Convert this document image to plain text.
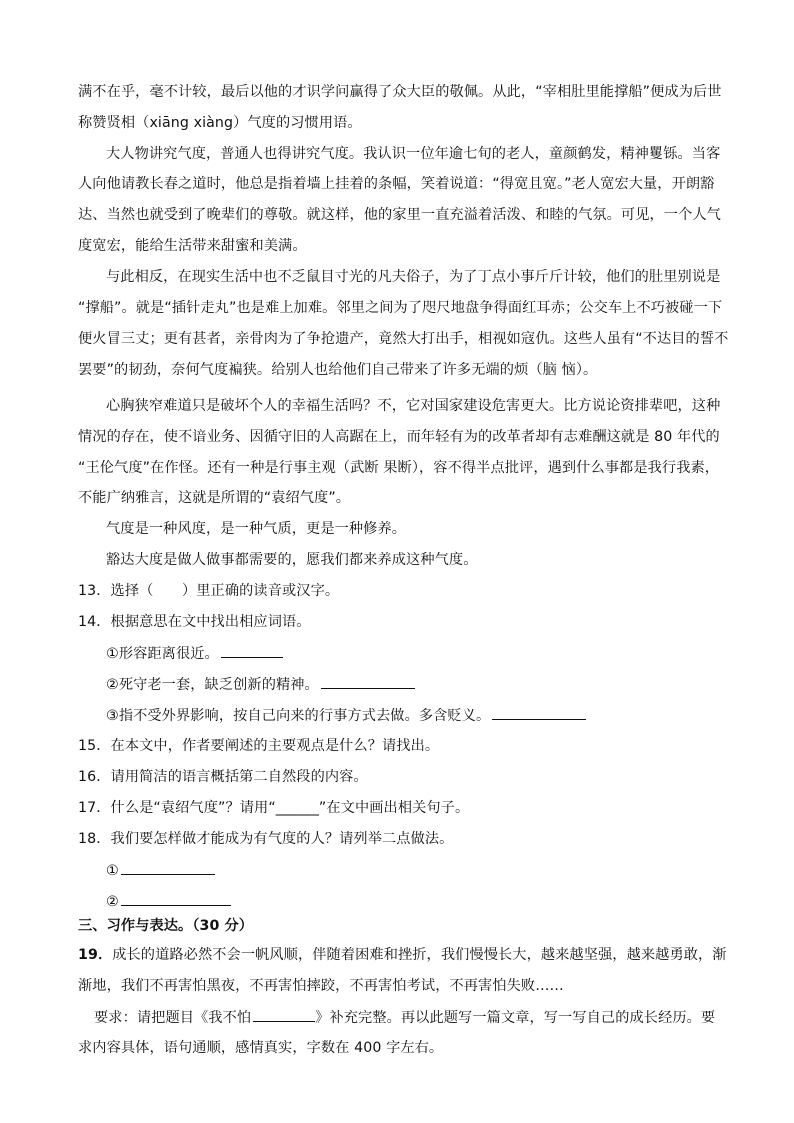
满不在乎，毫不计较，最后以他的才识学问赢得了众大臣的敬佩。从此，“宰相肚里能撑船”便成为后世
称赞贤相（xiāng xiàng）气度的习惯用语。
大人物讲究气度，普通人也得讲究气度。我认识一位年逾七旬的老人，童颜鹤发，精神矍铄。当客
人向他请教长春之道时，他总是指着墙上挂着的条幅，笑着说道：“得宽且宽。”老人宽宏大量，开朗豁
达、当然也就受到了晚辈们的尊敬。就这样，他的家里一直充溢着活泼、和睦的气氛。可见，一个人气
度宽宏，能给生活带来甜蜜和美满。
与此相反，在现实生活中也不乏鼠目寸光的凡夫俗子，为了丁点小事斤斤计较，他们的肚里别说是
“撑船”。就是“插针走丸”也是难上加难。邻里之间为了咫尺地盘争得面红耳赤；公交车上不巧被碰一下
便火冒三丈；更有甚者，亲骨肉为了争抢遗产，竟然大打出手，相视如寇仇。这些人虽有“不达目的誓不
罢要”的韧劲，奈何气度褊狭。给别人也给他们自己带来了许多无端的烦（脑 恼）。
心胸狭窄难道只是破坏个人的幸福生活吗？不，它对国家建设危害更大。比方说论资排辈吧，这种
情况的存在，使不谙业务、因循守旧的人高踞在上，而年轻有为的改革者却有志难酬这就是 80 年代的
“王伦气度”在作怪。还有一种是行事主观（武断 果断），容不得半点批评，遇到什么事都是我行我素，
不能广纳雅言，这就是所谓的“袁绍气度”。
气度是一种风度，是一种气质，更是一种修养。
豁达大度是做人做事都需要的，愿我们都来养成这种气度。
13．选择（　　）里正确的读音或汉字。
14．根据意思在文中找出相应词语。
①形容距离很近。
②死守老一套，缺乏创新的精神。
③指不受外界影响，按自己向来的行事方式去做。多含贬义。
15．在本文中，作者要阐述的主要观点是什么？请找出。
16．请用简洁的语言概括第二自然段的内容。
17．什么是“袁绍气度”？请用“______”在文中画出相关句子。
18．我们要怎样做才能成为有气度的人？请列举二点做法。
①
②
三、习作与表达。（30 分）
19．成长的道路必然不会一帆风顺，伴随着困难和挫折，我们慢慢长大，越来越坚强，越来越勇敢，渐
渐地，我们不再害怕黑夜，不再害怕摔跤，不再害怕考试，不再害怕失败……
要求：请把题目《我不怕	》补充完整。再以此题写一篇文章，写一写自己的成长经历。要
求内容具体，语句通顺，感情真实，字数在 400 字左右。
